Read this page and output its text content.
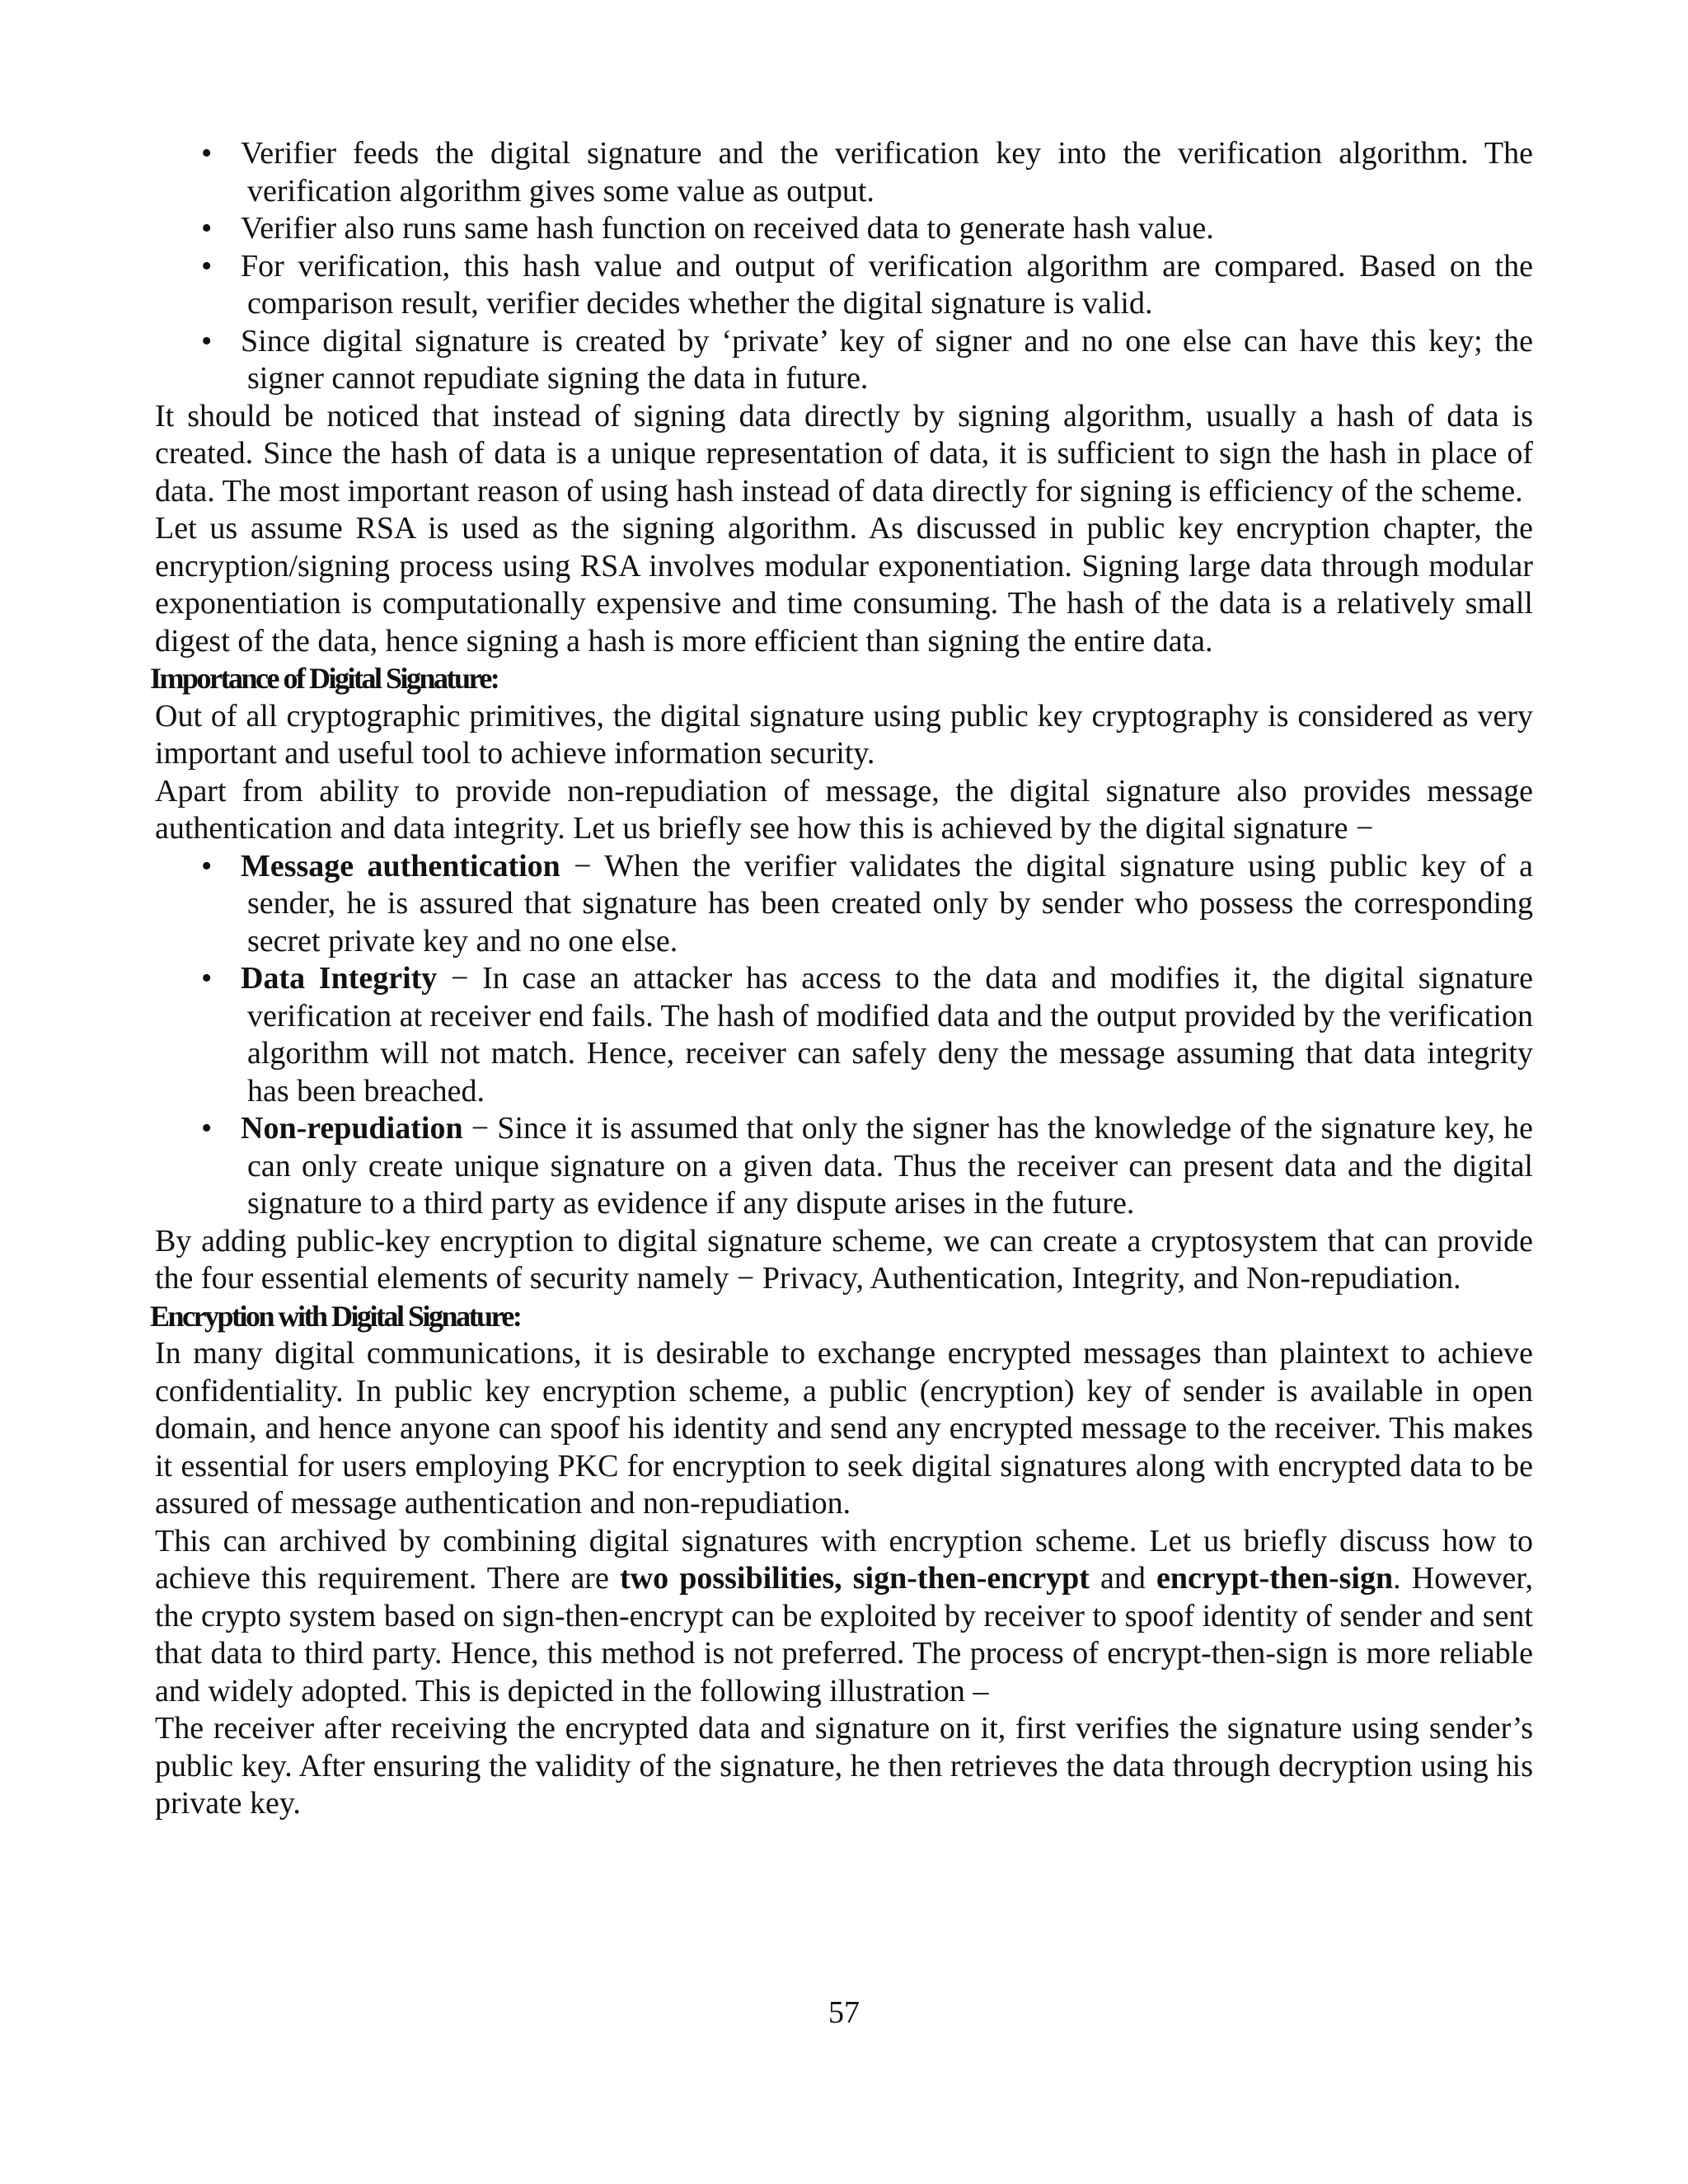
• Verifier feeds the digital signature and the verification key into the verification algorithm. The verification algorithm gives some value as output.
• Verifier also runs same hash function on received data to generate hash value.
• For verification, this hash value and output of verification algorithm are compared. Based on the comparison result, verifier decides whether the digital signature is valid.
• Since digital signature is created by ‘private’ key of signer and no one else can have this key; the signer cannot repudiate signing the data in future.

It should be noticed that instead of signing data directly by signing algorithm, usually a hash of data is created. Since the hash of data is a unique representation of data, it is sufficient to sign the hash in place of data. The most important reason of using hash instead of data directly for signing is efficiency of the scheme.

Let us assume RSA is used as the signing algorithm. As discussed in public key encryption chapter, the encryption/signing process using RSA involves modular exponentiation. Signing large data through modular exponentiation is computationally expensive and time consuming. The hash of the data is a relatively small digest of the data, hence signing a hash is more efficient than signing the entire data.

Importance of Digital Signature:

Out of all cryptographic primitives, the digital signature using public key cryptography is considered as very important and useful tool to achieve information security.

Apart from ability to provide non-repudiation of message, the digital signature also provides message authentication and data integrity. Let us briefly see how this is achieved by the digital signature −

• Message authentication − When the verifier validates the digital signature using public key of a sender, he is assured that signature has been created only by sender who possess the corresponding secret private key and no one else.
• Data Integrity − In case an attacker has access to the data and modifies it, the digital signature verification at receiver end fails. The hash of modified data and the output provided by the verification algorithm will not match. Hence, receiver can safely deny the message assuming that data integrity has been breached.
• Non-repudiation − Since it is assumed that only the signer has the knowledge of the signature key, he can only create unique signature on a given data. Thus the receiver can present data and the digital signature to a third party as evidence if any dispute arises in the future.

By adding public-key encryption to digital signature scheme, we can create a cryptosystem that can provide the four essential elements of security namely − Privacy, Authentication, Integrity, and Non-repudiation.

Encryption with Digital Signature:

In many digital communications, it is desirable to exchange encrypted messages than plaintext to achieve confidentiality. In public key encryption scheme, a public (encryption) key of sender is available in open domain, and hence anyone can spoof his identity and send any encrypted message to the receiver. This makes it essential for users employing PKC for encryption to seek digital signatures along with encrypted data to be assured of message authentication and non-repudiation.

This can archived by combining digital signatures with encryption scheme. Let us briefly discuss how to achieve this requirement. There are two possibilities, sign-then-encrypt and encrypt-then-sign. However, the crypto system based on sign-then-encrypt can be exploited by receiver to spoof identity of sender and sent that data to third party. Hence, this method is not preferred. The process of encrypt-then-sign is more reliable and widely adopted. This is depicted in the following illustration –

The receiver after receiving the encrypted data and signature on it, first verifies the signature using sender’s public key. After ensuring the validity of the signature, he then retrieves the data through decryption using his private key.

57
